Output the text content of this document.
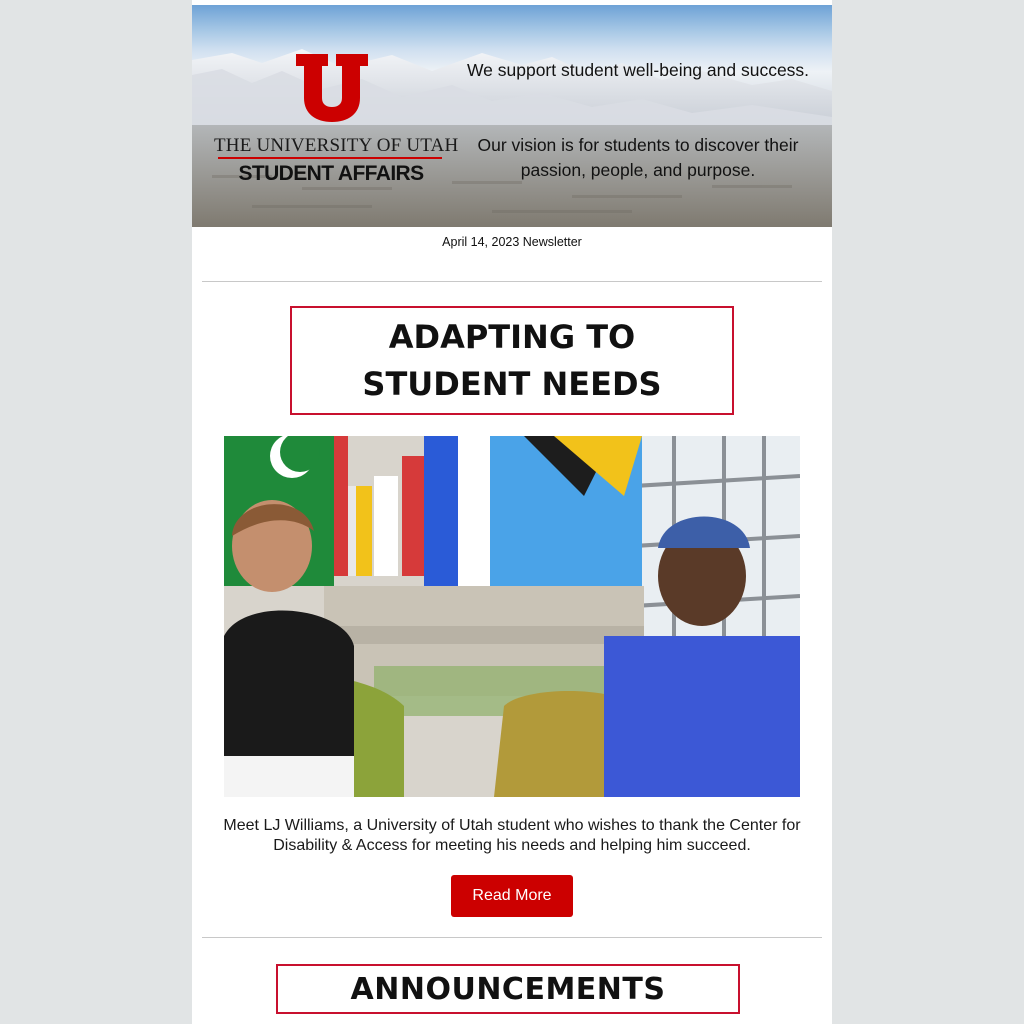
THE UNIVERSITY OF UTAH
STUDENT AFFAIRS
We support student well-being and success.
Our vision is for students to discover their passion, people, and purpose.
April 14, 2023 Newsletter
ADAPTING TO STUDENT NEEDS
Meet LJ Williams, a University of Utah student who wishes to thank the Center for Disability & Access for meeting his needs and helping him succeed.
Read More
ANNOUNCEMENTS
